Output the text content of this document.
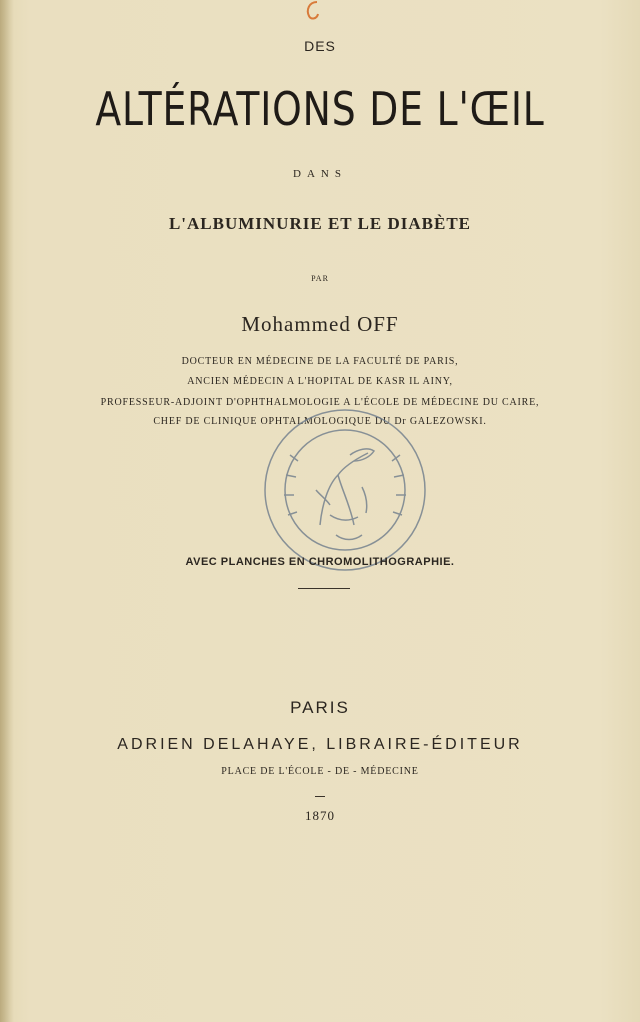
DES
ALTÉRATIONS DE L'ŒIL
DANS
L'ALBUMINURIE ET LE DIABÈTE
PAR
Mohammed OFF
DOCTEUR EN MÉDECINE DE LA FACULTÉ DE PARIS,
ANCIEN MÉDECIN A L'HOPITAL DE KASR IL AINY,
PROFESSEUR-ADJOINT D'OPHTHALMOLOGIE A L'ÉCOLE DE MÉDECINE DU CAIRE,
CHEF DE CLINIQUE OPHTALMOLOGIQUE DU Dr GALEZOWSKI.
AVEC PLANCHES EN CHROMOLITHOGRAPHIE.
PARIS
ADRIEN DELAHAYE, LIBRAIRE-ÉDITEUR
PLACE DE L'ÉCOLE - DE - MÉDECINE
1870
